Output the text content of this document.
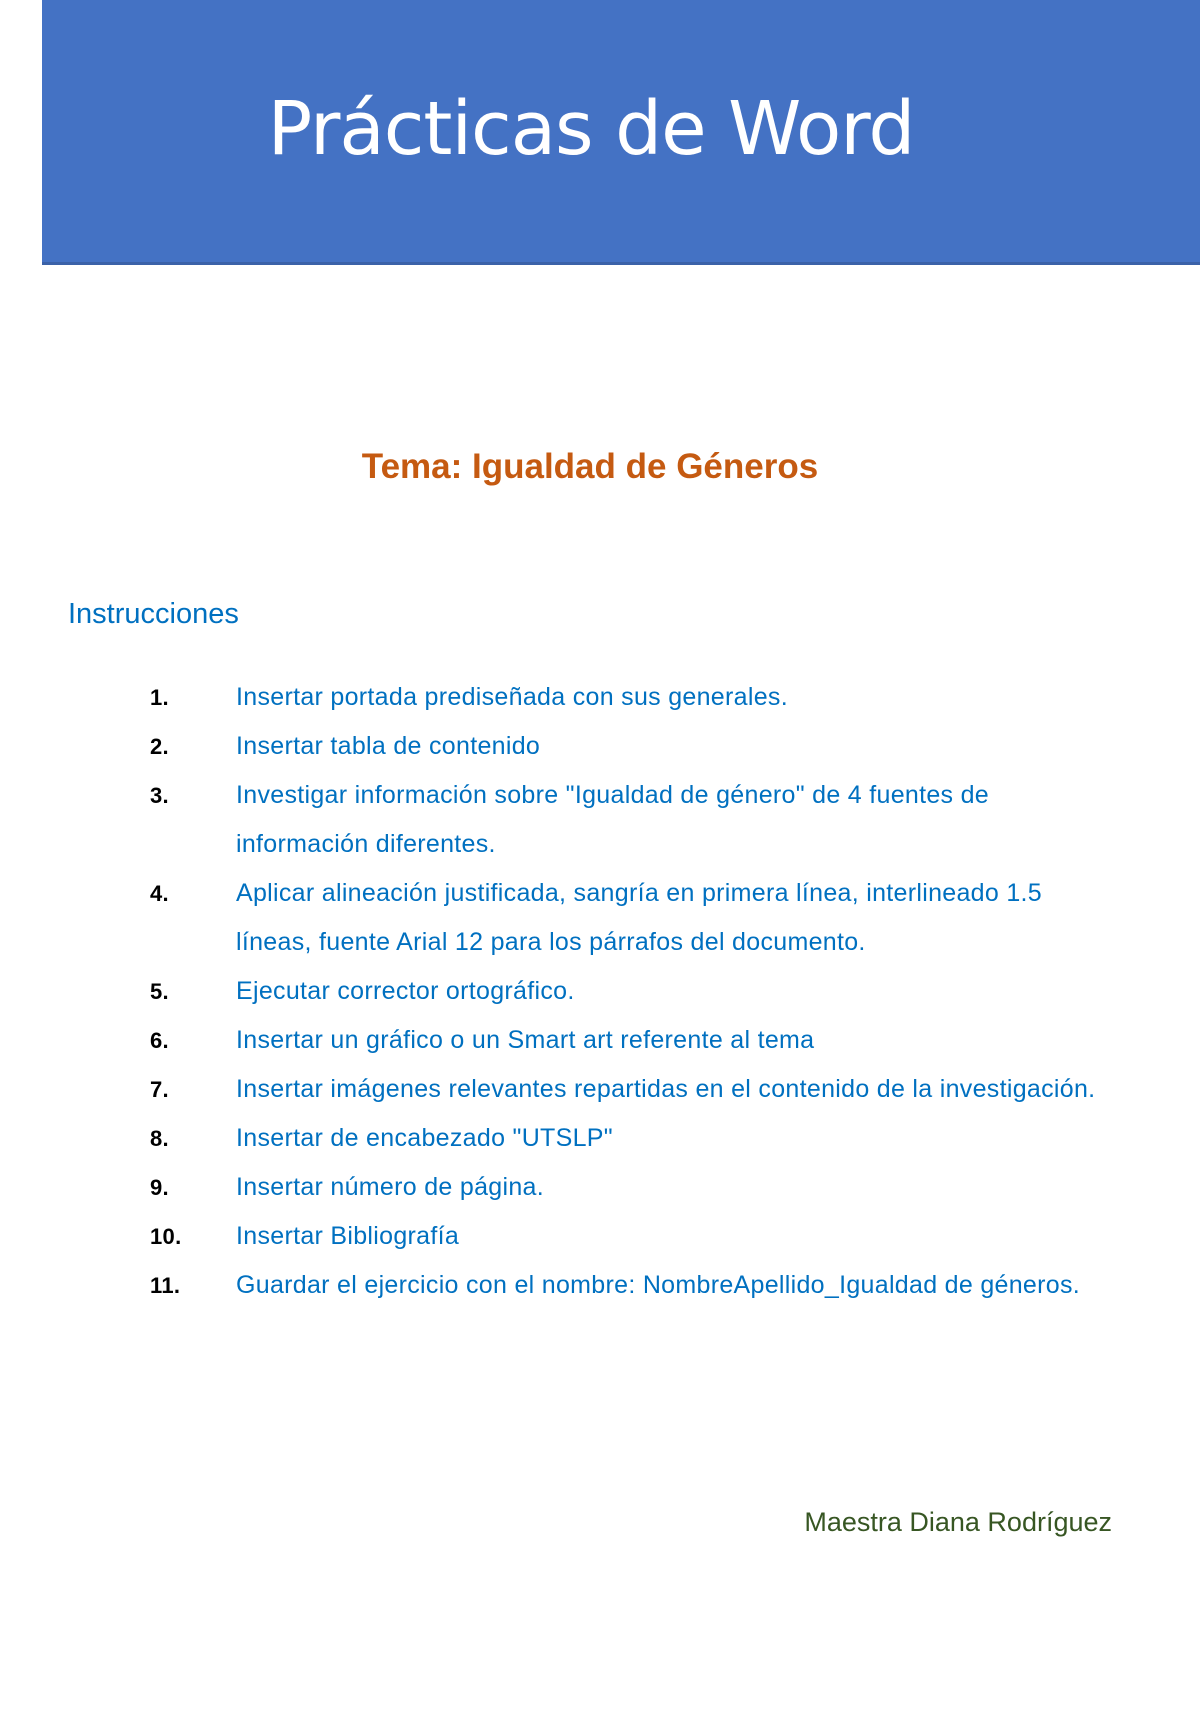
Prácticas de Word
Tema: Igualdad de Géneros
Instrucciones
1.	Insertar portada prediseñada con sus generales.
2.	Insertar tabla de contenido
3.	Investigar información sobre "Igualdad de género" de 4 fuentes de información diferentes.
4.	Aplicar alineación justificada, sangría en primera línea, interlineado 1.5 líneas, fuente Arial 12 para los párrafos del documento.
5.	Ejecutar corrector ortográfico.
6.	Insertar un gráfico o un Smart art referente al tema
7.	Insertar imágenes relevantes repartidas en el contenido de la investigación.
8.	Insertar de encabezado "UTSLP"
9.	Insertar número de página.
10. Insertar Bibliografía
11. Guardar el ejercicio con el nombre: NombreApellido_Igualdad de géneros.
Maestra Diana Rodríguez
